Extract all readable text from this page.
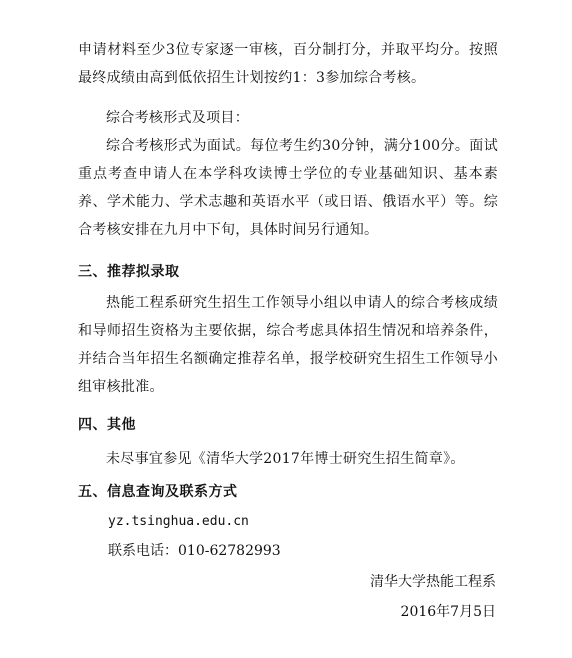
申请材料至少3位专家逐一审核，百分制打分，并取平均分。按照最终成绩由高到低依招生计划按约1：3参加综合考核。

综合考核形式及项目：

综合考核形式为面试。每位考生约30分钟，满分100分。面试重点考查申请人在本学科攻读博士学位的专业基础知识、基本素养、学术能力、学术志趣和英语水平（或日语、俄语水平）等。综合考核安排在九月中下旬，具体时间另行通知。

三、推荐拟录取

热能工程系研究生招生工作领导小组以申请人的综合考核成绩和导师招生资格为主要依据，综合考虑具体招生情况和培养条件，并结合当年招生名额确定推荐名单，报学校研究生招生工作领导小组审核批准。

四、其他

未尽事宜参见《清华大学2017年博士研究生招生简章》。

五、信息查询及联系方式

yz.tsinghua.edu.cn

联系电话：010-62782993

清华大学热能工程系

2016年7月5日
